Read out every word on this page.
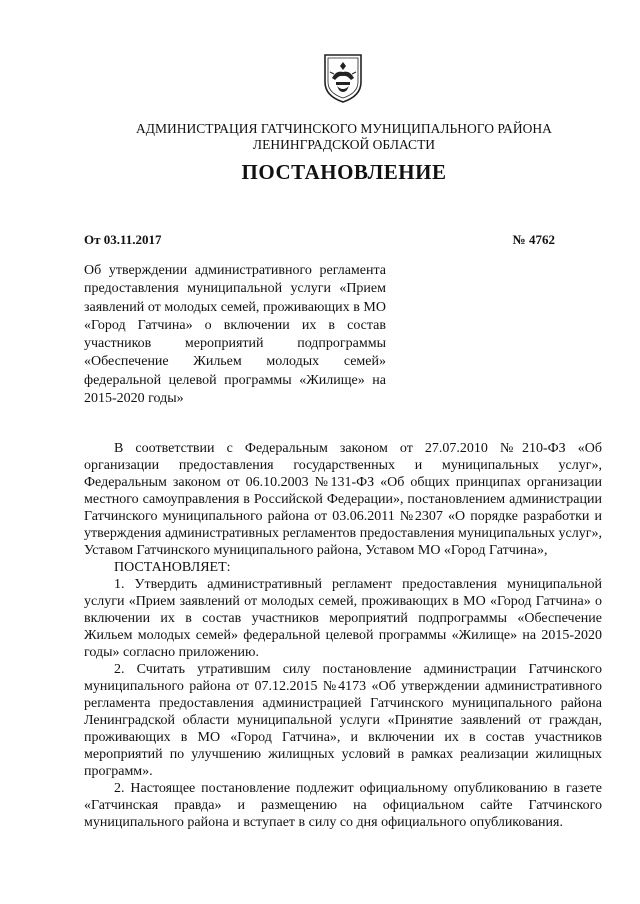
АДМИНИСТРАЦИЯ ГАТЧИНСКОГО МУНИЦИПАЛЬНОГО РАЙОНА
ЛЕНИНГРАДСКОЙ ОБЛАСТИ
ПОСТАНОВЛЕНИЕ
От 03.11.2017	№ 4762
Об утверждении административного регламента предоставления муниципальной услуги «Прием заявлений от молодых семей, проживающих в МО «Город Гатчина» о включении их в состав участников мероприятий подпрограммы «Обеспечение Жильем молодых семей» федеральной целевой программы «Жилище» на 2015-2020 годы»

В соответствии с Федеральным законом от 27.07.2010 №210-ФЗ «Об организации предоставления государственных и муниципальных услуг», Федеральным законом от 06.10.2003 №131-ФЗ «Об общих принципах организации местного самоуправления в Российской Федерации», постановлением администрации Гатчинского муниципального района от 03.06.2011 №2307 «О порядке разработки и утверждения административных регламентов предоставления муниципальных услуг», Уставом Гатчинского муниципального района, Уставом МО «Город Гатчина»,

ПОСТАНОВЛЯЕТ:

1. Утвердить административный регламент предоставления муниципальной услуги «Прием заявлений от молодых семей, проживающих в МО «Город Гатчина» о включении их в состав участников мероприятий подпрограммы «Обеспечение Жильем молодых семей» федеральной целевой программы «Жилище» на 2015-2020 годы» согласно приложению.

2. Считать утратившим силу постановление администрации Гатчинского муниципального района от 07.12.2015 №4173 «Об утверждении административного регламента предоставления администрацией Гатчинского муниципального района Ленинградской области муниципальной услуги «Принятие заявлений от граждан, проживающих в МО «Город Гатчина», и включении их в состав участников мероприятий по улучшению жилищных условий в рамках реализации жилищных программ».

2. Настоящее постановление подлежит официальному опубликованию в газете «Гатчинская правда» и размещению на официальном сайте Гатчинского муниципального района и вступает в силу со дня официального опубликования.
